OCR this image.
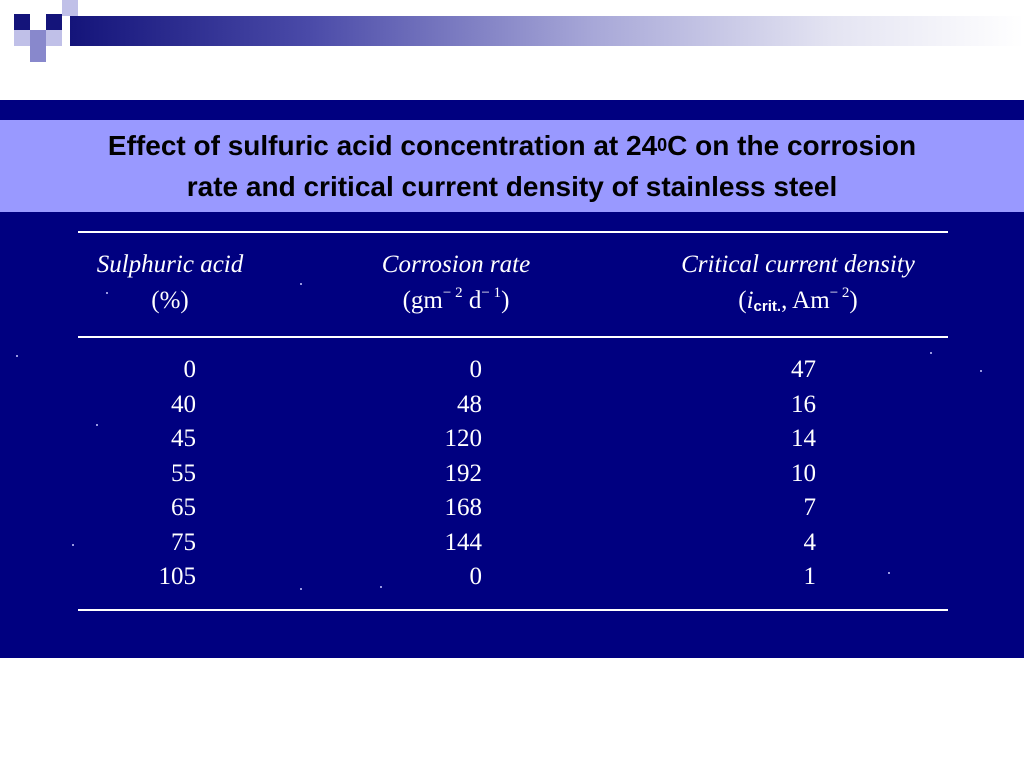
Effect of sulfuric acid concentration at $24^0C$ on the corrosion
rate and critical current density of stainless steel
Sulphuric acid
(%)
Corrosion rate
($gm^{- 2}$ $d^{- 1}$)
Critical current density
(icrit., $Am^{- 2}$)
0
40
45
55
65
75
105
0
48
120
192
168
144
0
47
16
14
10
7
4
1
